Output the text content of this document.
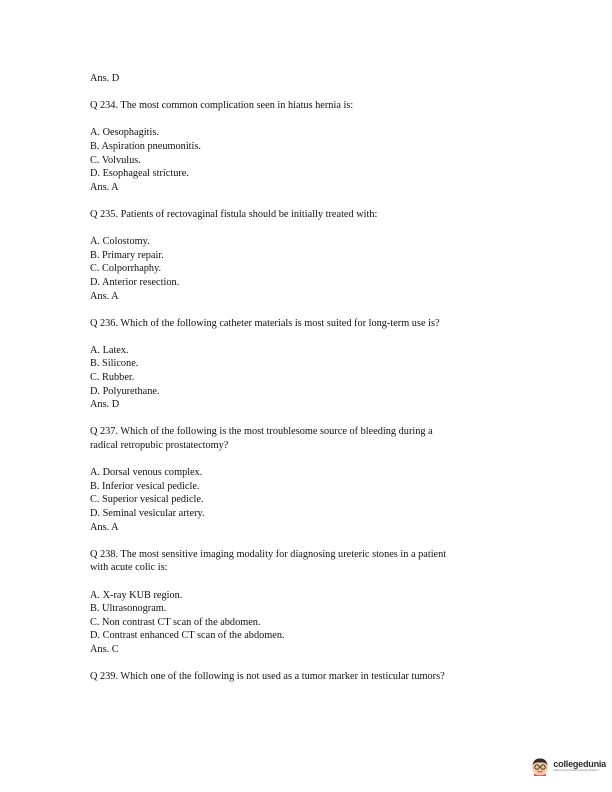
Ans. D
Q 234. The most common complication seen in hiatus hernia is:
A. Oesophagitis.
B. Aspiration pneumonitis.
C. Volvulus.
D. Esophageal stricture.
Ans. A
Q 235. Patients of rectovaginal fistula should be initially treated with:
A. Colostomy.
B. Primary repair.
C. Colporrhaphy.
D. Anterior resection.
Ans. A
Q 236. Which of the following catheter materials is most suited for long-term use is?
A. Latex.
B. Silicone.
C. Rubber.
D. Polyurethane.
Ans. D
Q 237. Which of the following is the most troublesome source of bleeding during a
radical retropubic prostatectomy?
A. Dorsal venous complex.
B. Inferior vesical pedicle.
C. Superior vesical pedicle.
D. Seminal vesicular artery.
Ans. A
Q 238. The most sensitive imaging modality for diagnosing ureteric stones in a patient
with acute colic is:
A. X-ray KUB region.
B. Ultrasonogram.
C. Non contrast CT scan of the abdomen.
D. Contrast enhanced CT scan of the abdomen.
Ans. C
Q 239. Which one of the following is not used as a tumor marker in testicular tumors?
collegedunia
India's largest Student Review Platform
